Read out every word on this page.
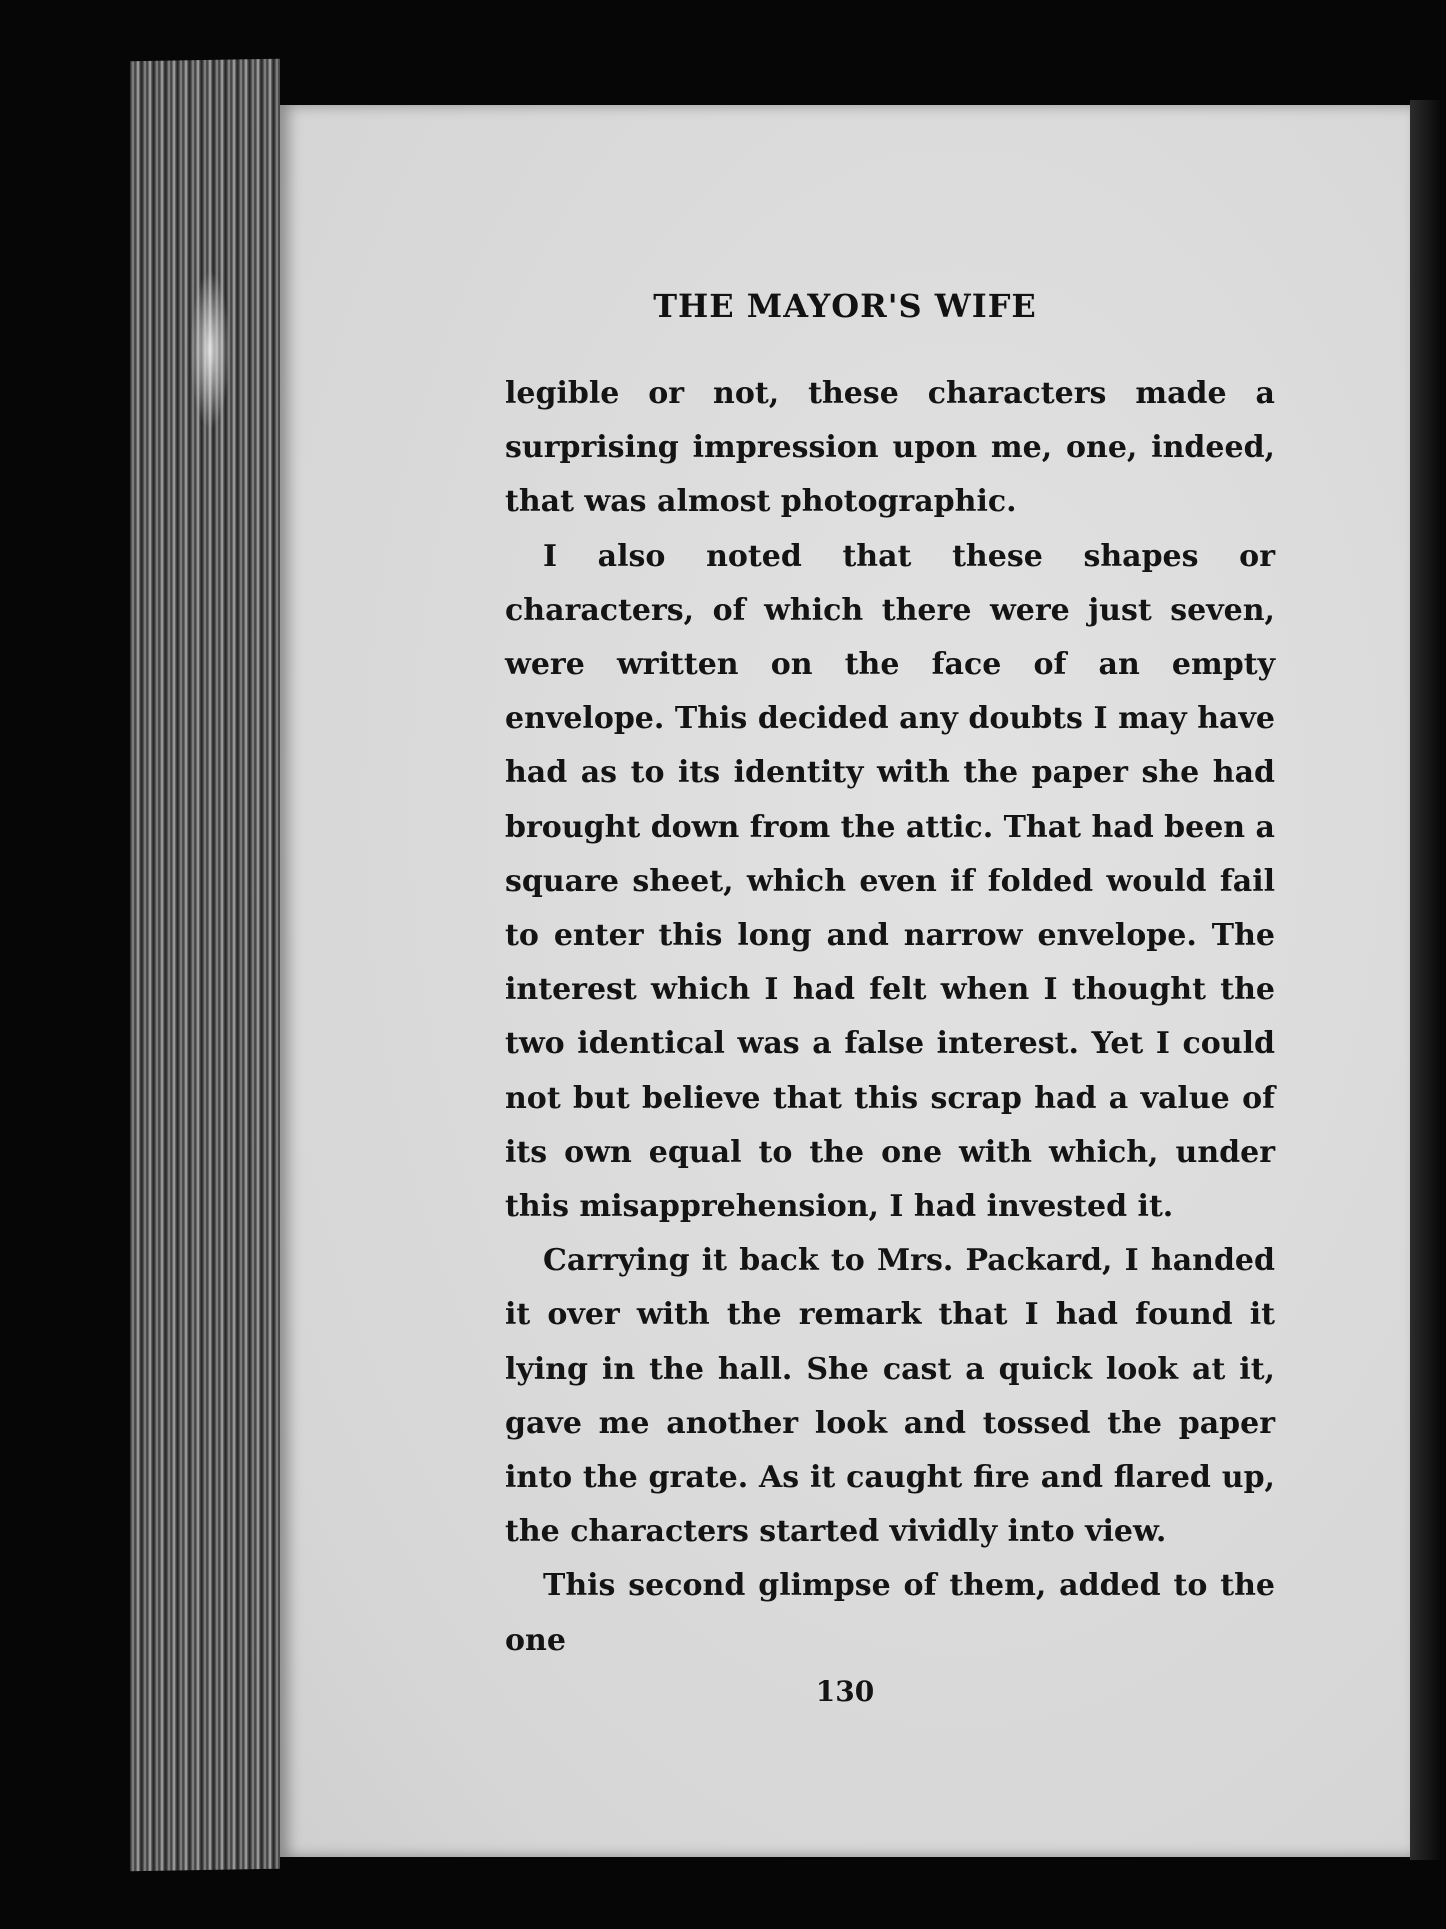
THE MAYOR'S WIFE

legible or not, these characters made a surprising impression upon me, one, indeed, that was almost photographic.

I also noted that these shapes or characters, of which there were just seven, were written on the face of an empty envelope. This decided any doubts I may have had as to its identity with the paper she had brought down from the attic. That had been a square sheet, which even if folded would fail to enter this long and narrow envelope. The interest which I had felt when I thought the two identical was a false interest. Yet I could not but believe that this scrap had a value of its own equal to the one with which, under this misapprehension, I had invested it.

Carrying it back to Mrs. Packard, I handed it over with the remark that I had found it lying in the hall. She cast a quick look at it, gave me another look and tossed the paper into the grate. As it caught fire and flared up, the characters started vividly into view.

This second glimpse of them, added to the one

130
